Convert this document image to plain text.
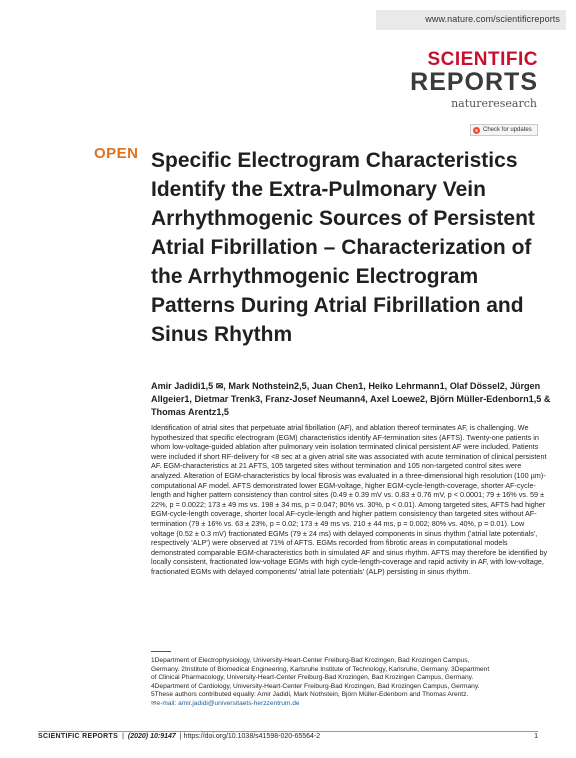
www.nature.com/scientificreports
SCIENTIFIC
REPORTS
natureresearch
Check for updates
OPEN Specific Electrogram Characteristics Identify the Extra-Pulmonary Vein Arrhythmogenic Sources of Persistent Atrial Fibrillation – Characterization of the Arrhythmogenic Electrogram Patterns During Atrial Fibrillation and Sinus Rhythm
Amir Jadidi1,5 ✉, Mark Nothstein2,5, Juan Chen1, Heiko Lehrmann1, Olaf Dössel2, Jürgen Allgeier1, Dietmar Trenk3, Franz-Josef Neumann4, Axel Loewe2, Björn Müller-Edenborn1,5 & Thomas Arentz1,5

Identification of atrial sites that perpetuate atrial fibrillation (AF), and ablation thereof terminates AF, is challenging. We hypothesized that specific electrogram (EGM) characteristics identify AF-termination sites (AFTS). Twenty-one patients in whom low-voltage-guided ablation after pulmonary vein isolation terminated clinical persistent AF were included. Patients were included if short RF-delivery for <8 sec at a given atrial site was associated with acute termination of clinical persistent AF. EGM-characteristics at 21 AFTS, 105 targeted sites without termination and 105 non-targeted control sites were analyzed. Alteration of EGM-characteristics by local fibrosis was evaluated in a three-dimensional high resolution (100 µm)-computational AF model. AFTS demonstrated lower EGM-voltage, higher EGM-cycle-length-coverage, shorter AF-cycle-length and higher pattern consistency than control sites (0.49 ± 0.39 mV vs. 0.83 ± 0.76 mV, p < 0.0001; 79 ± 16% vs. 59 ± 22%, p = 0.0022; 173 ± 49 ms vs. 198 ± 34 ms, p = 0.047; 80% vs. 30%, p < 0.01). Among targeted sites, AFTS had higher EGM-cycle-length coverage, shorter local AF-cycle-length and higher pattern consistency than targeted sites without AF-termination (79 ± 16% vs. 63 ± 23%, p = 0.02; 173 ± 49 ms vs. 210 ± 44 ms, p = 0.002; 80% vs. 40%, p = 0.01). Low voltage (0.52 ± 0.3 mV) fractionated EGMs (79 ± 24 ms) with delayed components in sinus rhythm ('atrial late potentials', respectively 'ALP') were observed at 71% of AFTS. EGMs recorded from fibrotic areas in computational models demonstrated comparable EGM-characteristics both in simulated AF and sinus rhythm. AFTS may therefore be identified by locally consistent, fractionated low-voltage EGMs with high cycle-length-coverage and rapid activity in AF, with low-voltage, fractionated EGMs with delayed components/ 'atrial late potentials' (ALP) persisting in sinus rhythm.

1Department of Electrophysiology, University-Heart-Center Freiburg-Bad Krozingen, Bad Krozingen Campus,
Germany. 2Institute of Biomedical Engineering, Karlsruhe Institute of Technology, Karlsruhe, Germany. 3Department
of Clinical Pharmacology, University-Heart-Center Freiburg-Bad Krozingen, Bad Krozingen Campus, Germany.
4Department of Cardiology, University-Heart-Center Freiburg-Bad Krozingen, Bad Krozingen Campus, Germany.
5These authors contributed equally: Amir Jadidi, Mark Nothstein, Björn Müller-Edenborn and Thomas Arentz.
✉e-mail: amir.jadidi@universitaets-herzzentrum.de
SCIENTIFIC REPORTS | (2020) 10:9147 | https://doi.org/10.1038/s41598-020-65564-2	1
